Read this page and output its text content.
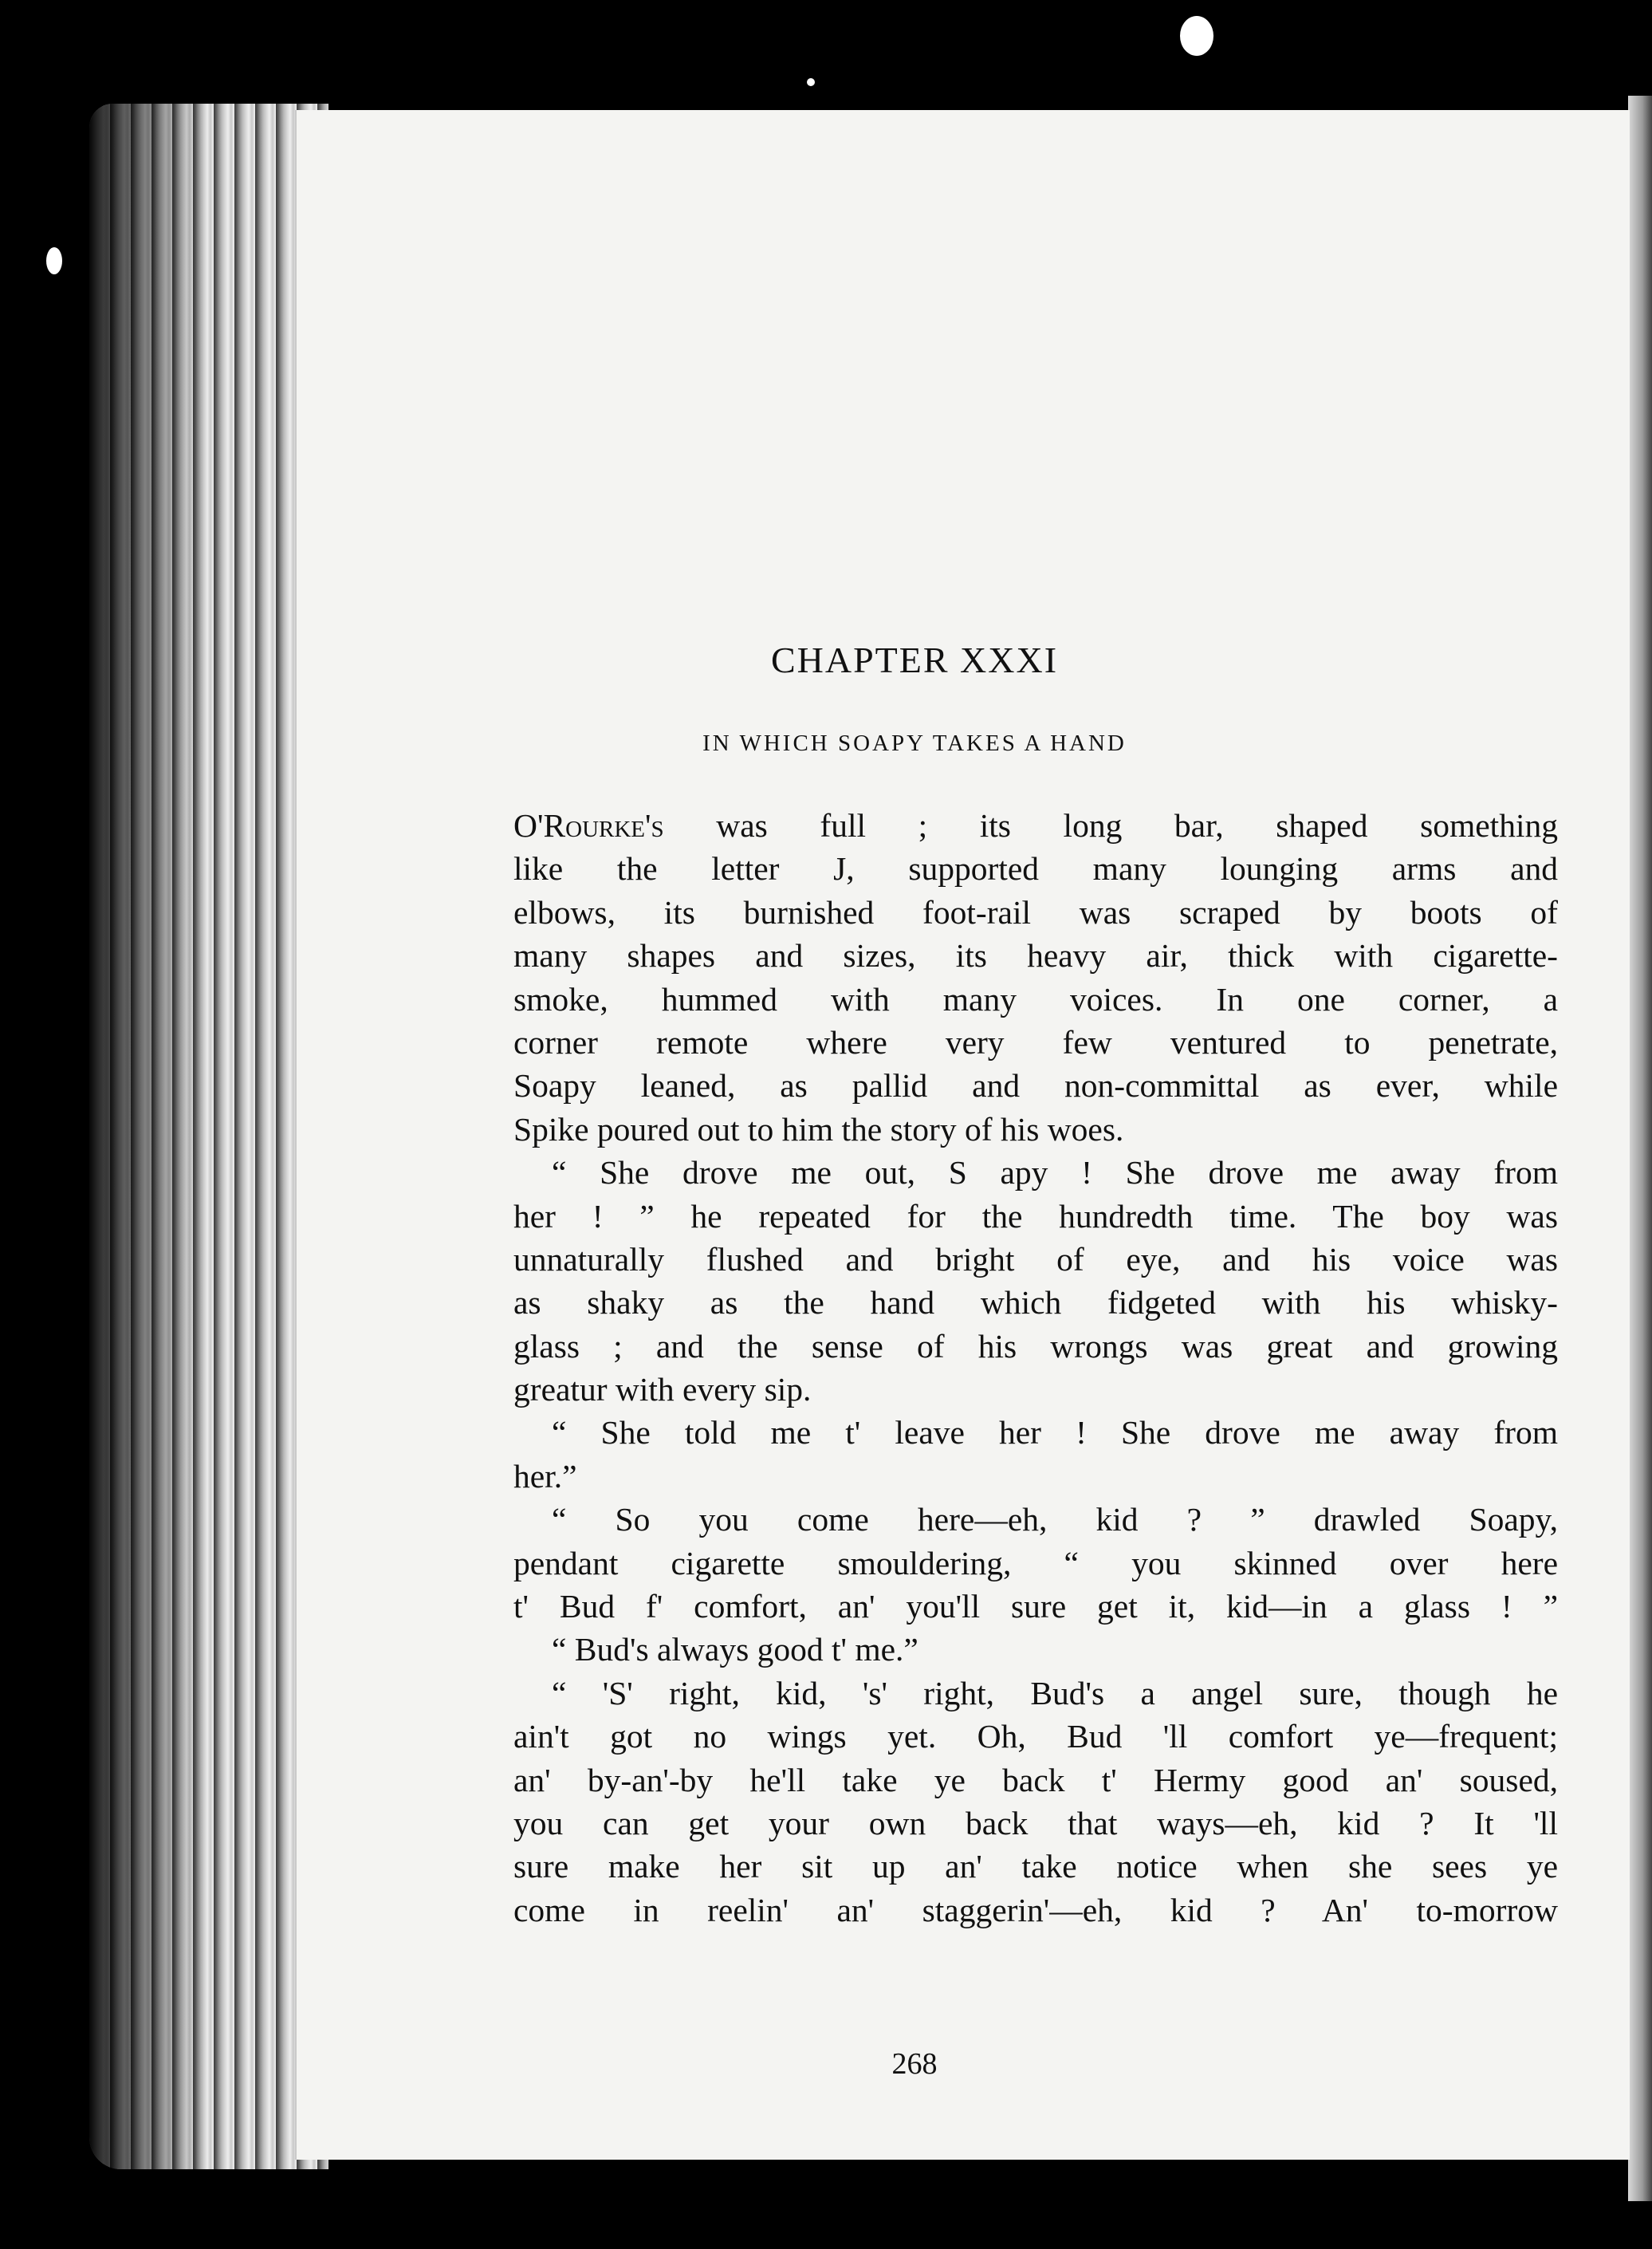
CHAPTER XXXI
IN WHICH SOAPY TAKES A HAND
O'Rourke's was full ; its long bar, shaped something
like the letter J, supported many lounging arms and
elbows, its burnished foot-rail was scraped by boots of
many shapes and sizes, its heavy air, thick with cigarette-
smoke, hummed with many voices. In one corner, a
corner remote where very few ventured to penetrate,
Soapy leaned, as pallid and non-committal as ever, while
Spike poured out to him the story of his woes.
“ She drove me out, S apy ! She drove me away from
her ! ” he repeated for the hundredth time. The boy was
unnaturally flushed and bright of eye, and his voice was
as shaky as the hand which fidgeted with his whisky-
glass ; and the sense of his wrongs was great and growing
greatur with every sip.
“ She told me t' leave her ! She drove me away from
her.”
“ So you come here—eh, kid ? ” drawled Soapy,
pendant cigarette smouldering, “ you skinned over here
t' Bud f' comfort, an' you'll sure get it, kid—in a glass ! ”
“ Bud's always good t' me.”
“ 'S' right, kid, 's' right, Bud's a angel sure, though he
ain't got no wings yet. Oh, Bud 'll comfort ye—frequent;
an' by-an'-by he'll take ye back t' Hermy good an' soused,
you can get your own back that ways—eh, kid ? It 'll
sure make her sit up an' take notice when she sees ye
come in reelin' an' staggerin'—eh, kid ? An' to-morrow
268
